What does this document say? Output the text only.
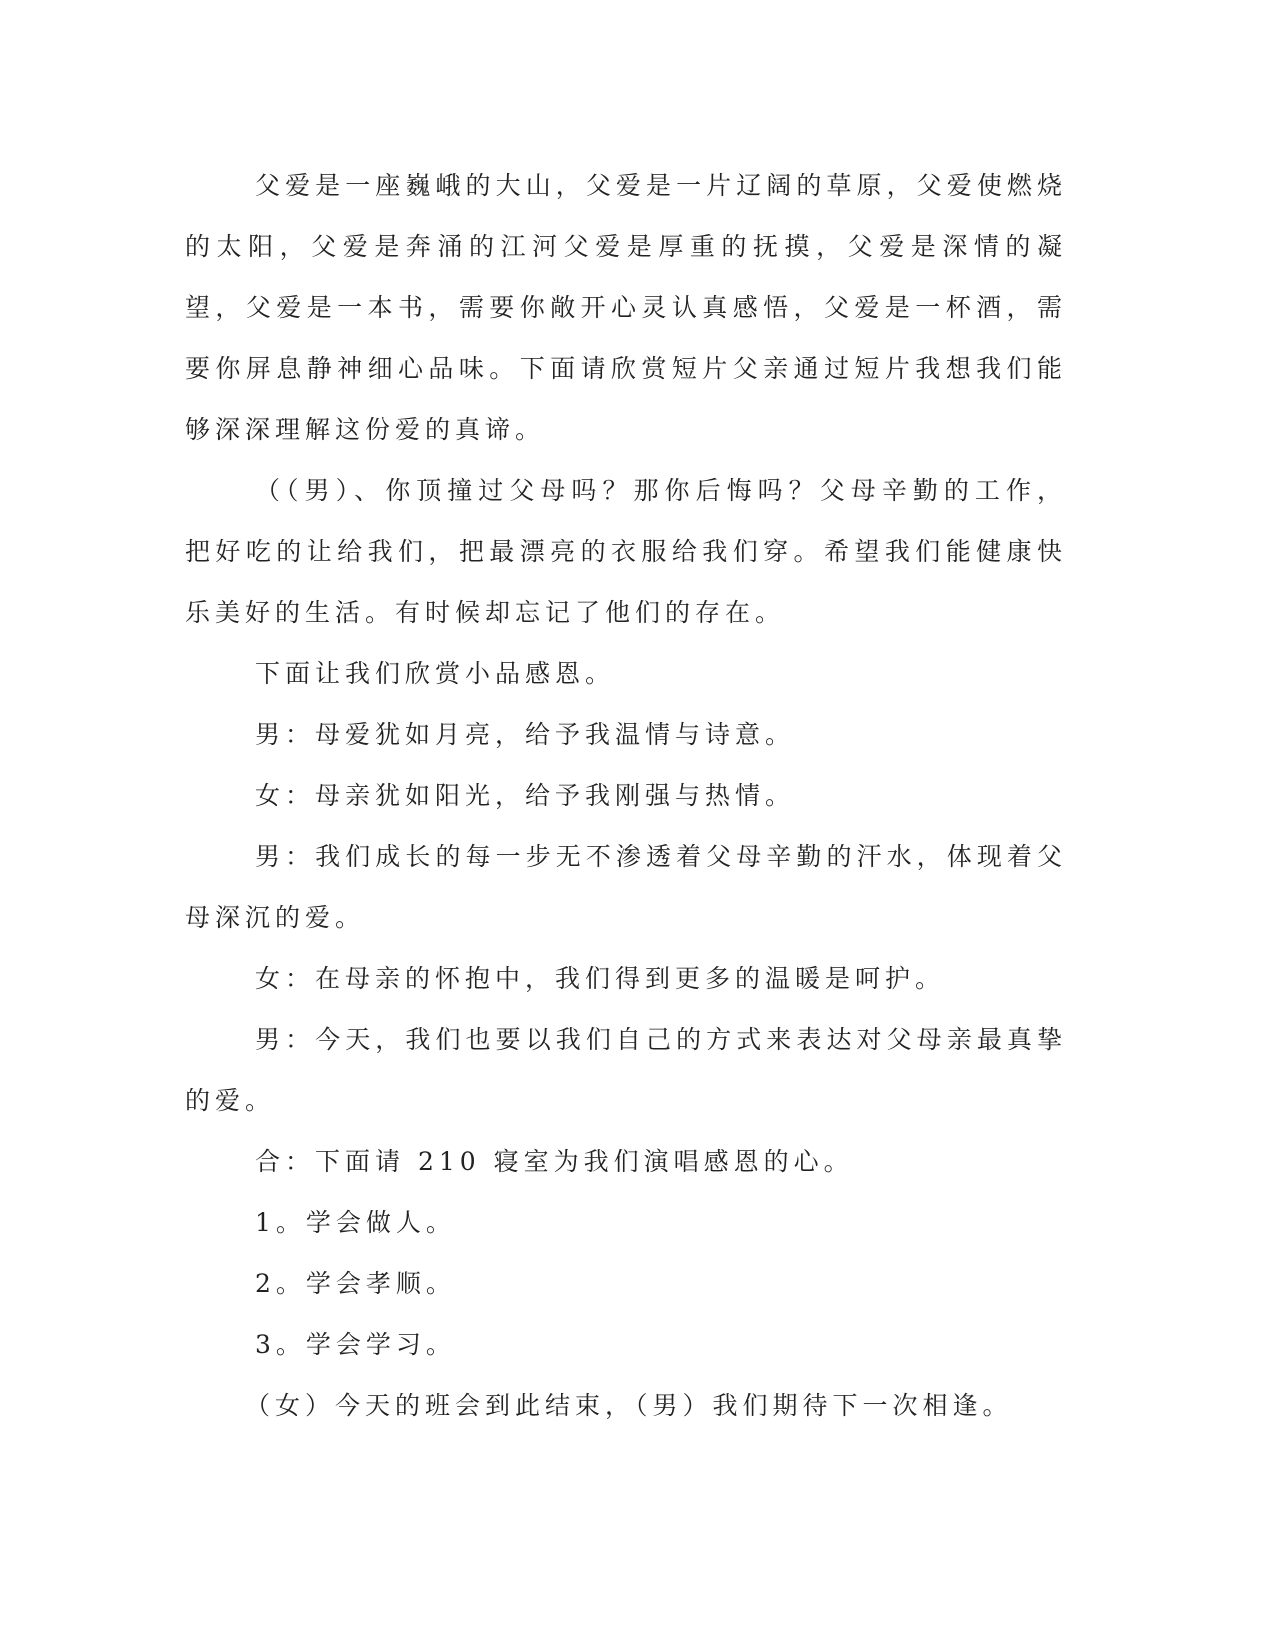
父爱是一座巍峨的大山，父爱是一片辽阔的草原，父爱使燃烧的太阳，父爱是奔涌的江河父爱是厚重的抚摸，父爱是深情的凝望，父爱是一本书，需要你敞开心灵认真感悟，父爱是一杯酒，需要你屏息静神细心品味。下面请欣赏短片父亲通过短片我想我们能够深深理解这份爱的真谛。

（（男）、你顶撞过父母吗？那你后悔吗？父母辛勤的工作，把好吃的让给我们，把最漂亮的衣服给我们穿。希望我们能健康快乐美好的生活。有时候却忘记了他们的存在。

下面让我们欣赏小品感恩。

男：母爱犹如月亮，给予我温情与诗意。

女：母亲犹如阳光，给予我刚强与热情。

男：我们成长的每一步无不渗透着父母辛勤的汗水，体现着父母深沉的爱。

女：在母亲的怀抱中，我们得到更多的温暖是呵护。

男：今天，我们也要以我们自己的方式来表达对父母亲最真挚的爱。

合：下面请 210 寝室为我们演唱感恩的心。

1。学会做人。

2。学会孝顺。

3。学会学习。

（女）今天的班会到此结束，（男）我们期待下一次相逢。
